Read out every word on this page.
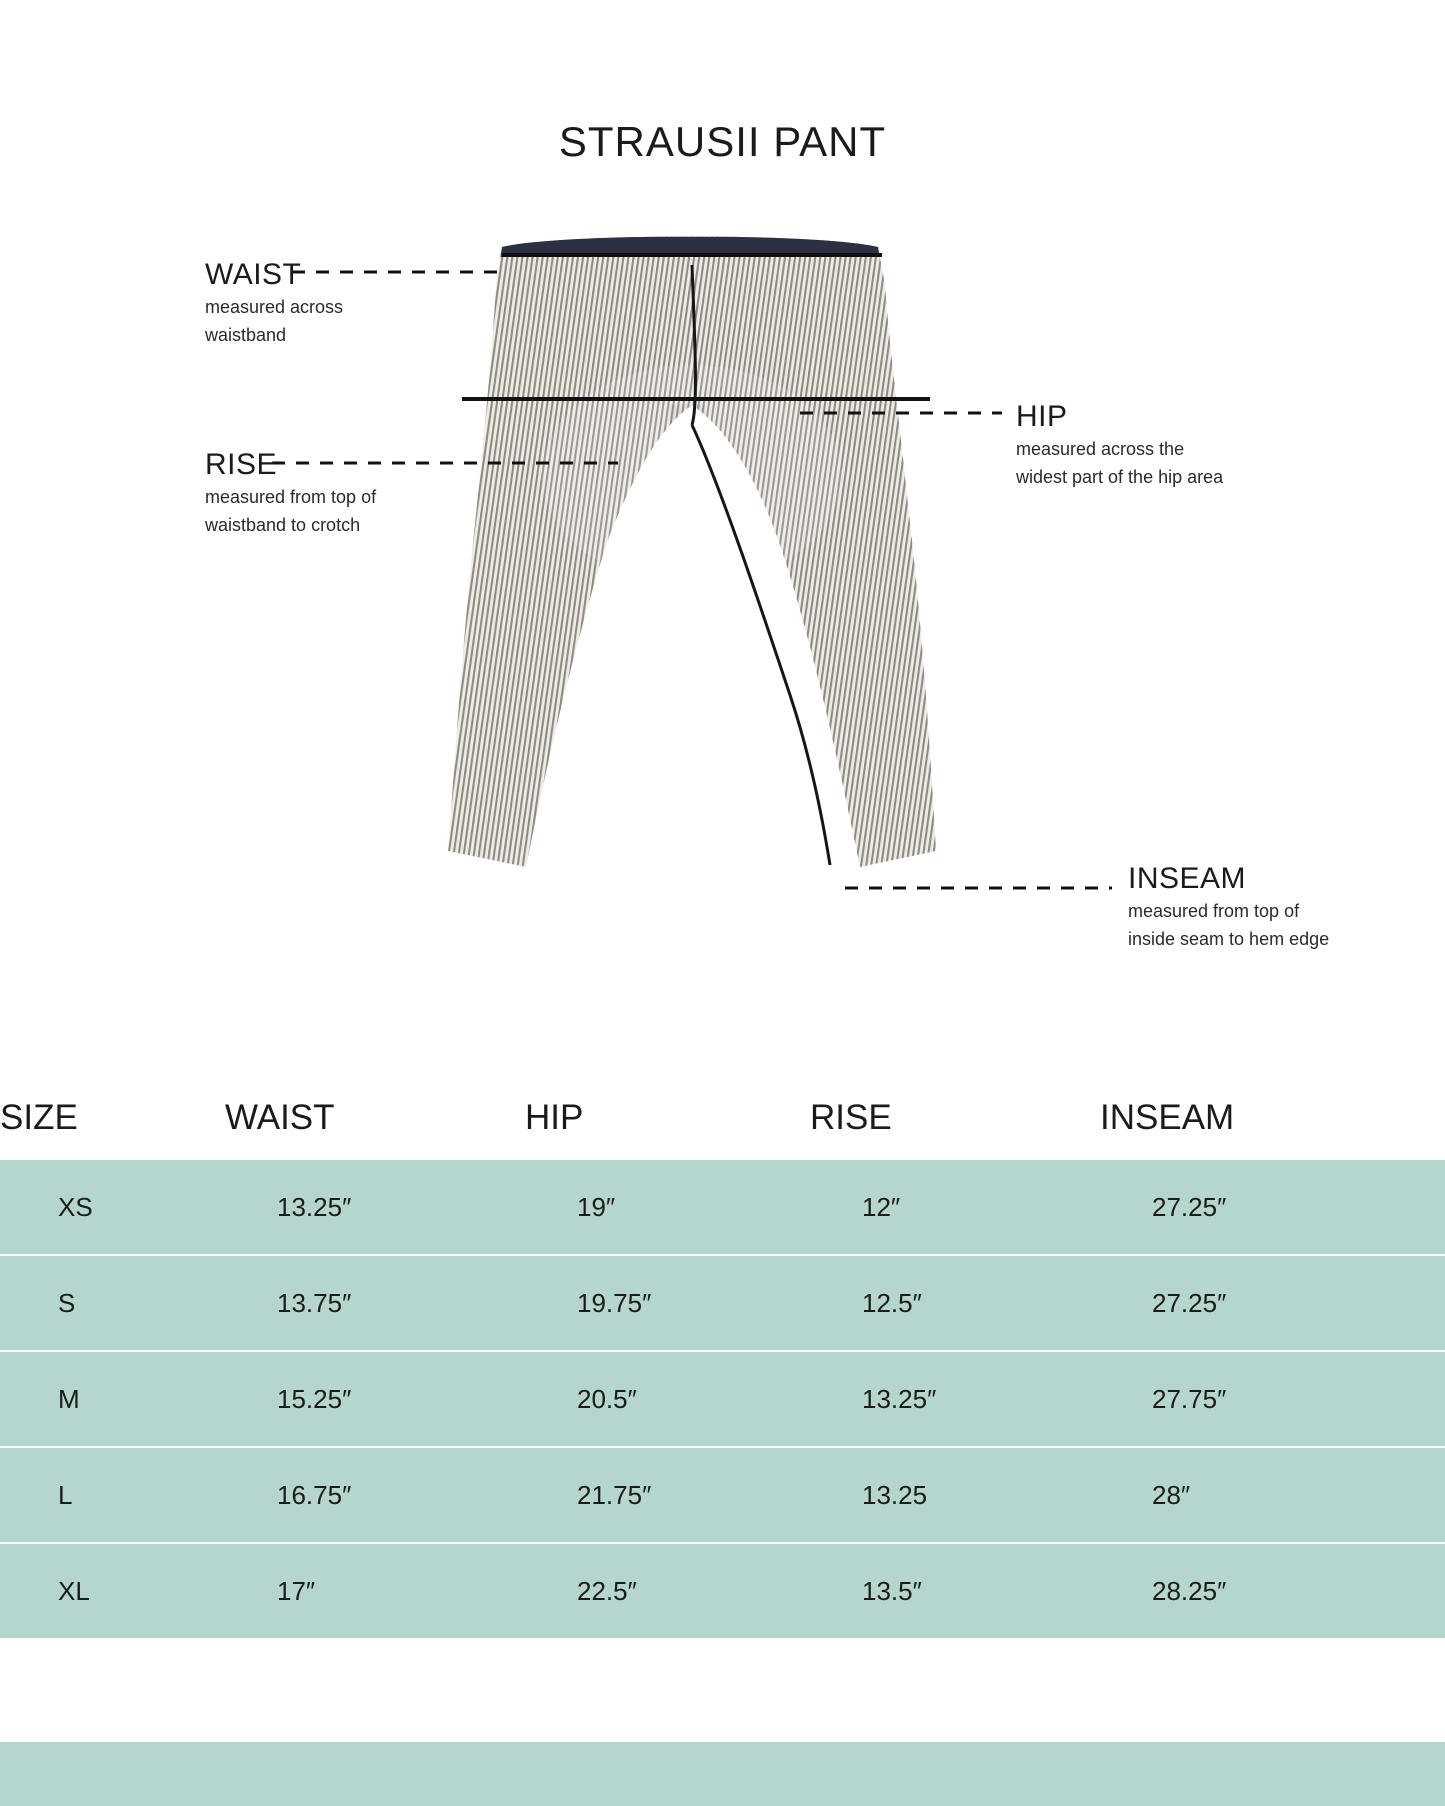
STRAUSII PANT
WAIST
measured across
waistband
RISE
measured from top of
waistband to crotch
HIP
measured across the
widest part of the hip area
INSEAM
measured from top of
inside seam to hem edge
SIZE	WAIST	HIP	RISE	INSEAM
XS	13.25″	19″	12″	27.25″
S	13.75″	19.75″	12.5″	27.25″
M	15.25″	20.5″	13.25″	27.75″
L	16.75″	21.75″	13.25	28″
XL	17″	22.5″	13.5″	28.25″
